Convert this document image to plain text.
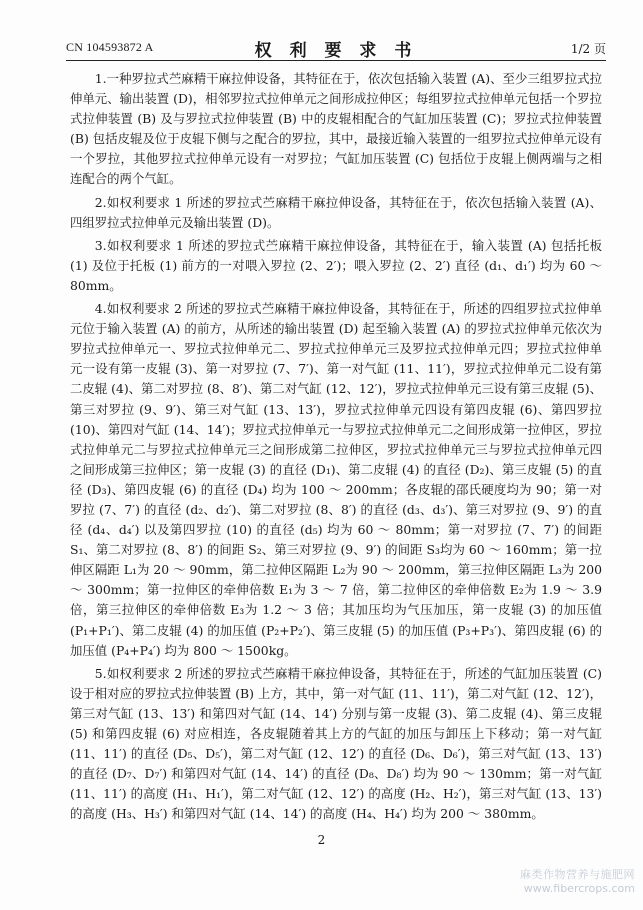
CN 104593872 A	权 利 要 求 书	1/2 页

1.一种罗拉式苎麻精干麻拉伸设备，其特征在于，依次包括输入装置 (A)、至少三组罗拉式拉伸单元、输出装置 (D)，相邻罗拉式拉伸单元之间形成拉伸区；每组罗拉式拉伸单元包括一个罗拉式拉伸装置 (B) 及与罗拉式拉伸装置 (B) 中的皮辊相配合的气缸加压装置 (C)；罗拉式拉伸装置 (B) 包括皮辊及位于皮辊下侧与之配合的罗拉，其中，最接近输入装置的一组罗拉式拉伸单元设有一个罗拉，其他罗拉式拉伸单元设有一对罗拉；气缸加压装置 (C) 包括位于皮辊上侧两端与之相连配合的两个气缸。

2.如权利要求 1 所述的罗拉式苎麻精干麻拉伸设备，其特征在于，依次包括输入装置 (A)、四组罗拉式拉伸单元及输出装置 (D)。

3.如权利要求 1 所述的罗拉式苎麻精干麻拉伸设备，其特征在于，输入装置 (A) 包括托板 (1) 及位于托板 (1) 前方的一对喂入罗拉 (2、2′)；喂入罗拉 (2、2′) 直径 (d₁、d₁′) 均为 60 ～ 80mm。

4.如权利要求 2 所述的罗拉式苎麻精干麻拉伸设备，其特征在于，所述的四组罗拉式拉伸单元位于输入装置 (A) 的前方，从所述的输出装置 (D) 起至输入装置 (A) 的罗拉式拉伸单元依次为罗拉式拉伸单元一、罗拉式拉伸单元二、罗拉式拉伸单元三及罗拉式拉伸单元四；罗拉式拉伸单元一设有第一皮辊 (3)、第一对罗拉 (7、7′)、第一对气缸 (11、11′)，罗拉式拉伸单元二设有第二皮辊 (4)、第二对罗拉 (8、8′)、第二对气缸 (12、12′)，罗拉式拉伸单元三设有第三皮辊 (5)、第三对罗拉 (9、9′)、第三对气缸 (13、13′)，罗拉式拉伸单元四设有第四皮辊 (6)、第四罗拉 (10)、第四对气缸 (14、14′)；罗拉式拉伸单元一与罗拉式拉伸单元二之间形成第一拉伸区，罗拉式拉伸单元二与罗拉式拉伸单元三之间形成第二拉伸区，罗拉式拉伸单元三与罗拉式拉伸单元四之间形成第三拉伸区；第一皮辊 (3) 的直径 (D₁)、第二皮辊 (4) 的直径 (D₂)、第三皮辊 (5) 的直径 (D₃)、第四皮辊 (6) 的直径 (D₄) 均为 100 ～ 200mm；各皮辊的邵氏硬度均为 90；第一对罗拉 (7、7′) 的直径 (d₂、d₂′)、第二对罗拉 (8、8′) 的直径 (d₃、d₃′)、第三对罗拉 (9、9′) 的直径 (d₄、d₄′) 以及第四罗拉 (10) 的直径 (d₅) 均为 60 ～ 80mm；第一对罗拉 (7、7′) 的间距 S₁、第二对罗拉 (8、8′) 的间距 S₂、第三对罗拉 (9、9′) 的间距 S₃均为 60 ～ 160mm；第一拉伸区隔距 L₁为 20 ～ 90mm，第二拉伸区隔距 L₂为 90 ～ 200mm，第三拉伸区隔距 L₃为 200 ～ 300mm；第一拉伸区的牵伸倍数 E₁为 3 ～ 7 倍，第二拉伸区的牵伸倍数 E₂为 1.9 ～ 3.9 倍，第三拉伸区的牵伸倍数 E₃为 1.2 ～ 3 倍；其加压均为气压加压，第一皮辊 (3) 的加压值 (P₁+P₁′)、第二皮辊 (4) 的加压值 (P₂+P₂′)、第三皮辊 (5) 的加压值 (P₃+P₃′)、第四皮辊 (6) 的加压值 (P₄+P₄′) 均为 800 ～ 1500kg。

5.如权利要求 2 所述的罗拉式苎麻精干麻拉伸设备，其特征在于，所述的气缸加压装置 (C) 设于相对应的罗拉式拉伸装置 (B) 上方，其中，第一对气缸 (11、11′)，第二对气缸 (12、12′)，第三对气缸 (13、13′) 和第四对气缸 (14、14′) 分别与第一皮辊 (3)、第二皮辊 (4)、第三皮辊 (5) 和第四皮辊 (6) 对应相连，各皮辊随着其上方的气缸的加压与卸压上下移动；第一对气缸 (11、11′) 的直径 (D₅、D₅′)，第二对气缸 (12、12′) 的直径 (D₆、D₆′)，第三对气缸 (13、13′) 的直径 (D₇、D₇′) 和第四对气缸 (14、14′) 的直径 (D₈、D₈′) 均为 90 ～ 130mm；第一对气缸 (11、11′) 的高度 (H₁、H₁′)，第二对气缸 (12、12′) 的高度 (H₂、H₂′)，第三对气缸 (13、13′) 的高度 (H₃、H₃′) 和第四对气缸 (14、14′) 的高度 (H₄、H₄′) 均为 200 ～ 380mm。

2
麻类作物营养与施肥网
www.fibercrops.com
